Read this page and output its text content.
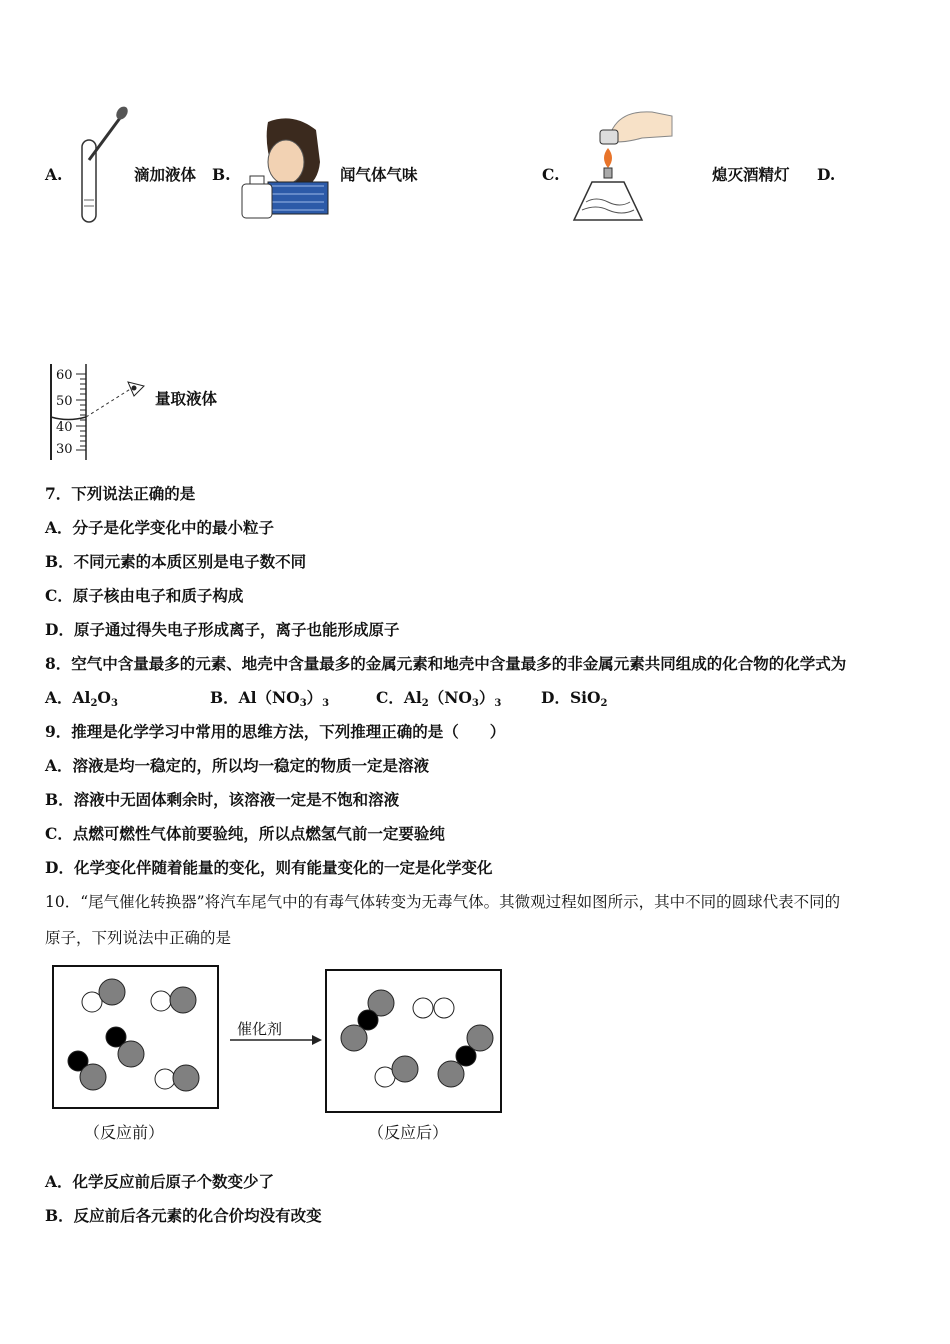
A.	滴加液体 B.	闻气体气味	C.	熄灭酒精灯 D.
60
50
40
30
量取液体
7．下列说法正确的是
A．分子是化学变化中的最小粒子
B．不同元素的本质区别是电子数不同
C．原子核由电子和质子构成
D．原子通过得失电子形成离子，离子也能形成原子
8．空气中含量最多的元素、地壳中含量最多的金属元素和地壳中含量最多的非金属元素共同组成的化合物的化学式为
A．$Al_2O_3$	B．$Al(NO_3)_3$	C．$Al_2(NO_3)_3$	D．SiO$_2$
9．推理是化学学习中常用的思维方法，下列推理正确的是（　　）
A．溶液是均一稳定的，所以均一稳定的物质一定是溶液
B．溶液中无固体剩余时，该溶液一定是不饱和溶液
C．点燃可燃性气体前要验纯，所以点燃氢气前一定要验纯
D．化学变化伴随着能量的变化，则有能量变化的一定是化学变化
10．“尾气催化转换器”将汽车尾气中的有毒气体转变为无毒气体。其微观过程如图所示，其中不同的圆球代表不同的
原子，下列说法中正确的是
催化剂
（反应前）	（反应后）
A．化学反应前后原子个数变少了
B．反应前后各元素的化合价均没有改变
